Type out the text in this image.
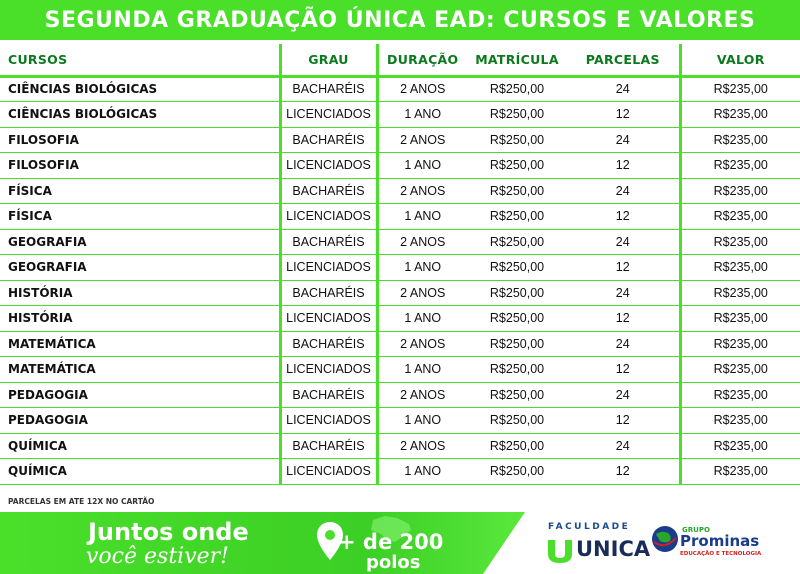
SEGUNDA GRADUAÇÃO ÚNICA EAD: CURSOS E VALORES
CURSOS	GRAU	DURAÇÃO	MATRÍCULA	PARCELAS	VALOR
CIÊNCIAS BIOLÓGICAS	BACHARÉIS	2 ANOS	R$250,00	24	R$235,00
CIÊNCIAS BIOLÓGICAS	LICENCIADOS	1 ANO	R$250,00	12	R$235,00
FILOSOFIA	BACHARÉIS	2 ANOS	R$250,00	24	R$235,00
FILOSOFIA	LICENCIADOS	1 ANO	R$250,00	12	R$235,00
FÍSICA	BACHARÉIS	2 ANOS	R$250,00	24	R$235,00
FÍSICA	LICENCIADOS	1 ANO	R$250,00	12	R$235,00
GEOGRAFIA	BACHARÉIS	2 ANOS	R$250,00	24	R$235,00
GEOGRAFIA	LICENCIADOS	1 ANO	R$250,00	12	R$235,00
HISTÓRIA	BACHARÉIS	2 ANOS	R$250,00	24	R$235,00
HISTÓRIA	LICENCIADOS	1 ANO	R$250,00	12	R$235,00
MATEMÁTICA	BACHARÉIS	2 ANOS	R$250,00	24	R$235,00
MATEMÁTICA	LICENCIADOS	1 ANO	R$250,00	12	R$235,00
PEDAGOGIA	BACHARÉIS	2 ANOS	R$250,00	24	R$235,00
PEDAGOGIA	LICENCIADOS	1 ANO	R$250,00	12	R$235,00
QUÍMICA	BACHARÉIS	2 ANOS	R$250,00	24	R$235,00
QUÍMICA	LICENCIADOS	1 ANO	R$250,00	12	R$235,00
PARCELAS EM ATE 12X NO CARTÃO
Juntos onde
você estiver!
+ de 200
polos
FACULDADE
UNICA
GRUPO
Prominas
EDUCAÇÃO E TECNOLOGIA
